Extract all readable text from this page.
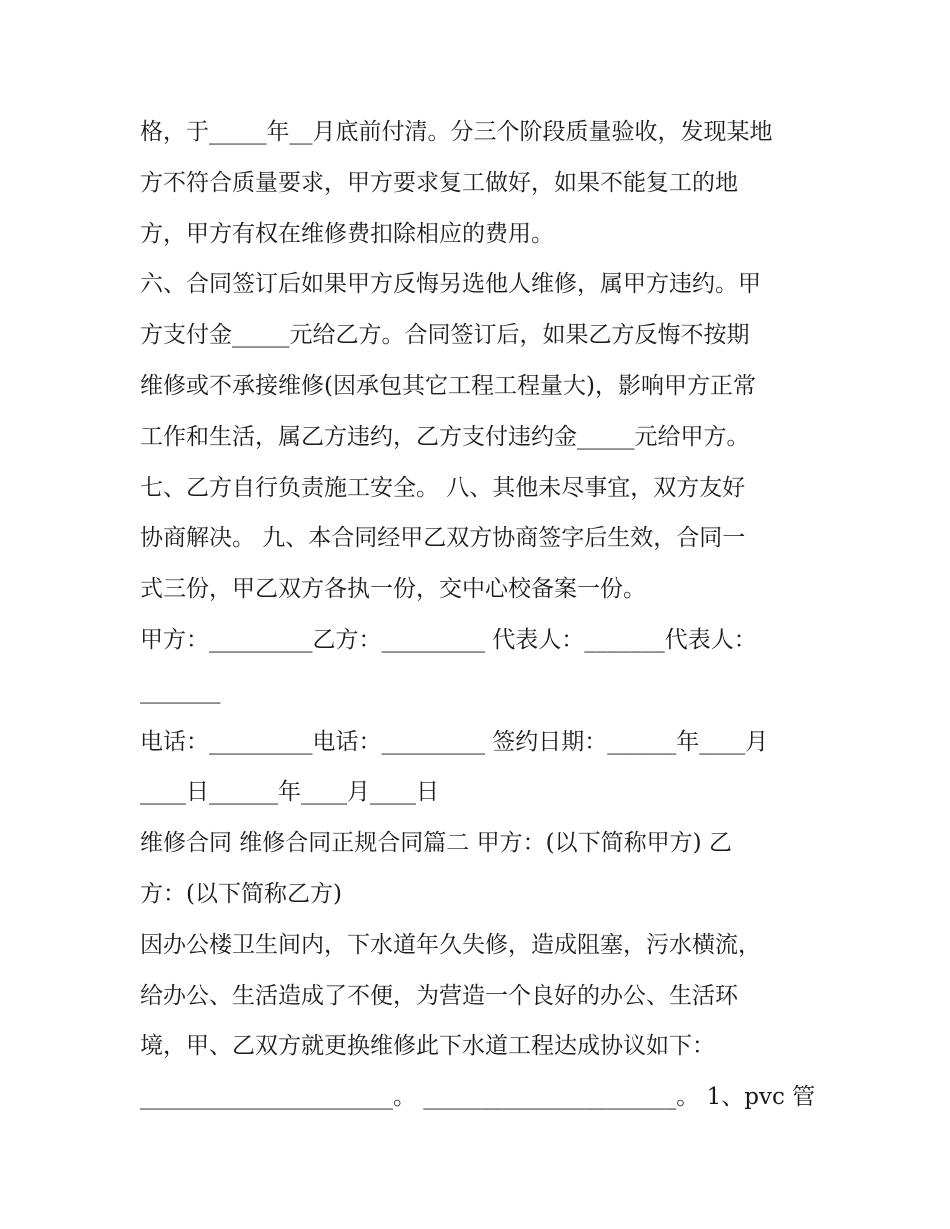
格，于_____年__月底前付清。分三个阶段质量验收，发现某地
方不符合质量要求，甲方要求复工做好，如果不能复工的地
方，甲方有权在维修费扣除相应的费用。
六、合同签订后如果甲方反悔另选他人维修，属甲方违约。甲
方支付金_____元给乙方。合同签订后，如果乙方反悔不按期
维修或不承接维修(因承包其它工程工程量大)，影响甲方正常
工作和生活，属乙方违约，乙方支付违约金_____元给甲方。
七、乙方自行负责施工安全。 八、其他未尽事宜，双方友好
协商解决。 九、本合同经甲乙双方协商签字后生效，合同一
式三份，甲乙双方各执一份，交中心校备案一份。
甲方：_________乙方：_________ 代表人：_______代表人：
_______
电话：_________电话：_________ 签约日期：______年____月
____日______年____月____日
维修合同 维修合同正规合同篇二 甲方：(以下简称甲方) 乙
方：(以下简称乙方)
因办公楼卫生间内，下水道年久失修，造成阻塞，污水横流，
给办公、生活造成了不便，为营造一个良好的办公、生活环
境，甲、乙双方就更换维修此下水道工程达成协议如下：
______________________。 ______________________。 1、pvc 管
